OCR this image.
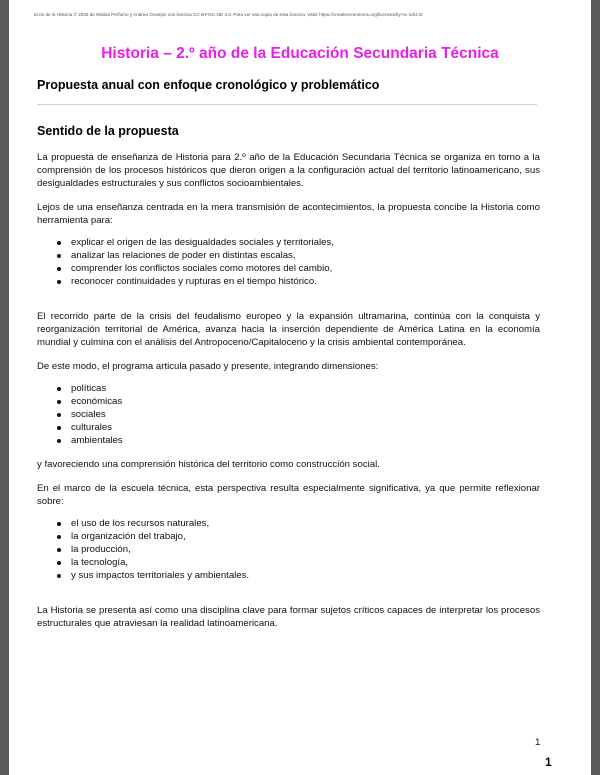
Ecos de la Historia © 2026 de Matías Perfumo y Andrea Ocampo con licencia CC BY-NC-ND 4.0. Para ver una copia de esta licencia, visite https://creativecommons.org/licenses/by-nc-nd/4.0/
Historia – 2.º año de la Educación Secundaria Técnica
Propuesta anual con enfoque cronológico y problemático
Sentido de la propuesta

La propuesta de enseñanza de Historia para 2.º año de la Educación Secundaria Técnica se organiza en torno a la comprensión de los procesos históricos que dieron origen a la configuración actual del territorio latinoamericano, sus desigualdades estructurales y sus conflictos socioambientales.

Lejos de una enseñanza centrada en la mera transmisión de acontecimientos, la propuesta concibe la Historia como herramienta para:

explicar el origen de las desigualdades sociales y territoriales,
analizar las relaciones de poder en distintas escalas,
comprender los conflictos sociales como motores del cambio,
reconocer continuidades y rupturas en el tiempo histórico.

El recorrido parte de la crisis del feudalismo europeo y la expansión ultramarina, continúa con la conquista y reorganización territorial de América, avanza hacia la inserción dependiente de América Latina en la economía mundial y culmina con el análisis del Antropoceno/Capitaloceno y la crisis ambiental contemporánea.

De este modo, el programa articula pasado y presente, integrando dimensiones:

políticas
económicas
sociales
culturales
ambientales

y favoreciendo una comprensión histórica del territorio como construcción social.

En el marco de la escuela técnica, esta perspectiva resulta especialmente significativa, ya que permite reflexionar sobre:

el uso de los recursos naturales,
la organización del trabajo,
la producción,
la tecnología,
y sus impactos territoriales y ambientales.

La Historia se presenta así como una disciplina clave para formar sujetos críticos capaces de interpretar los procesos estructurales que atraviesan la realidad latinoamericana.

1
1
